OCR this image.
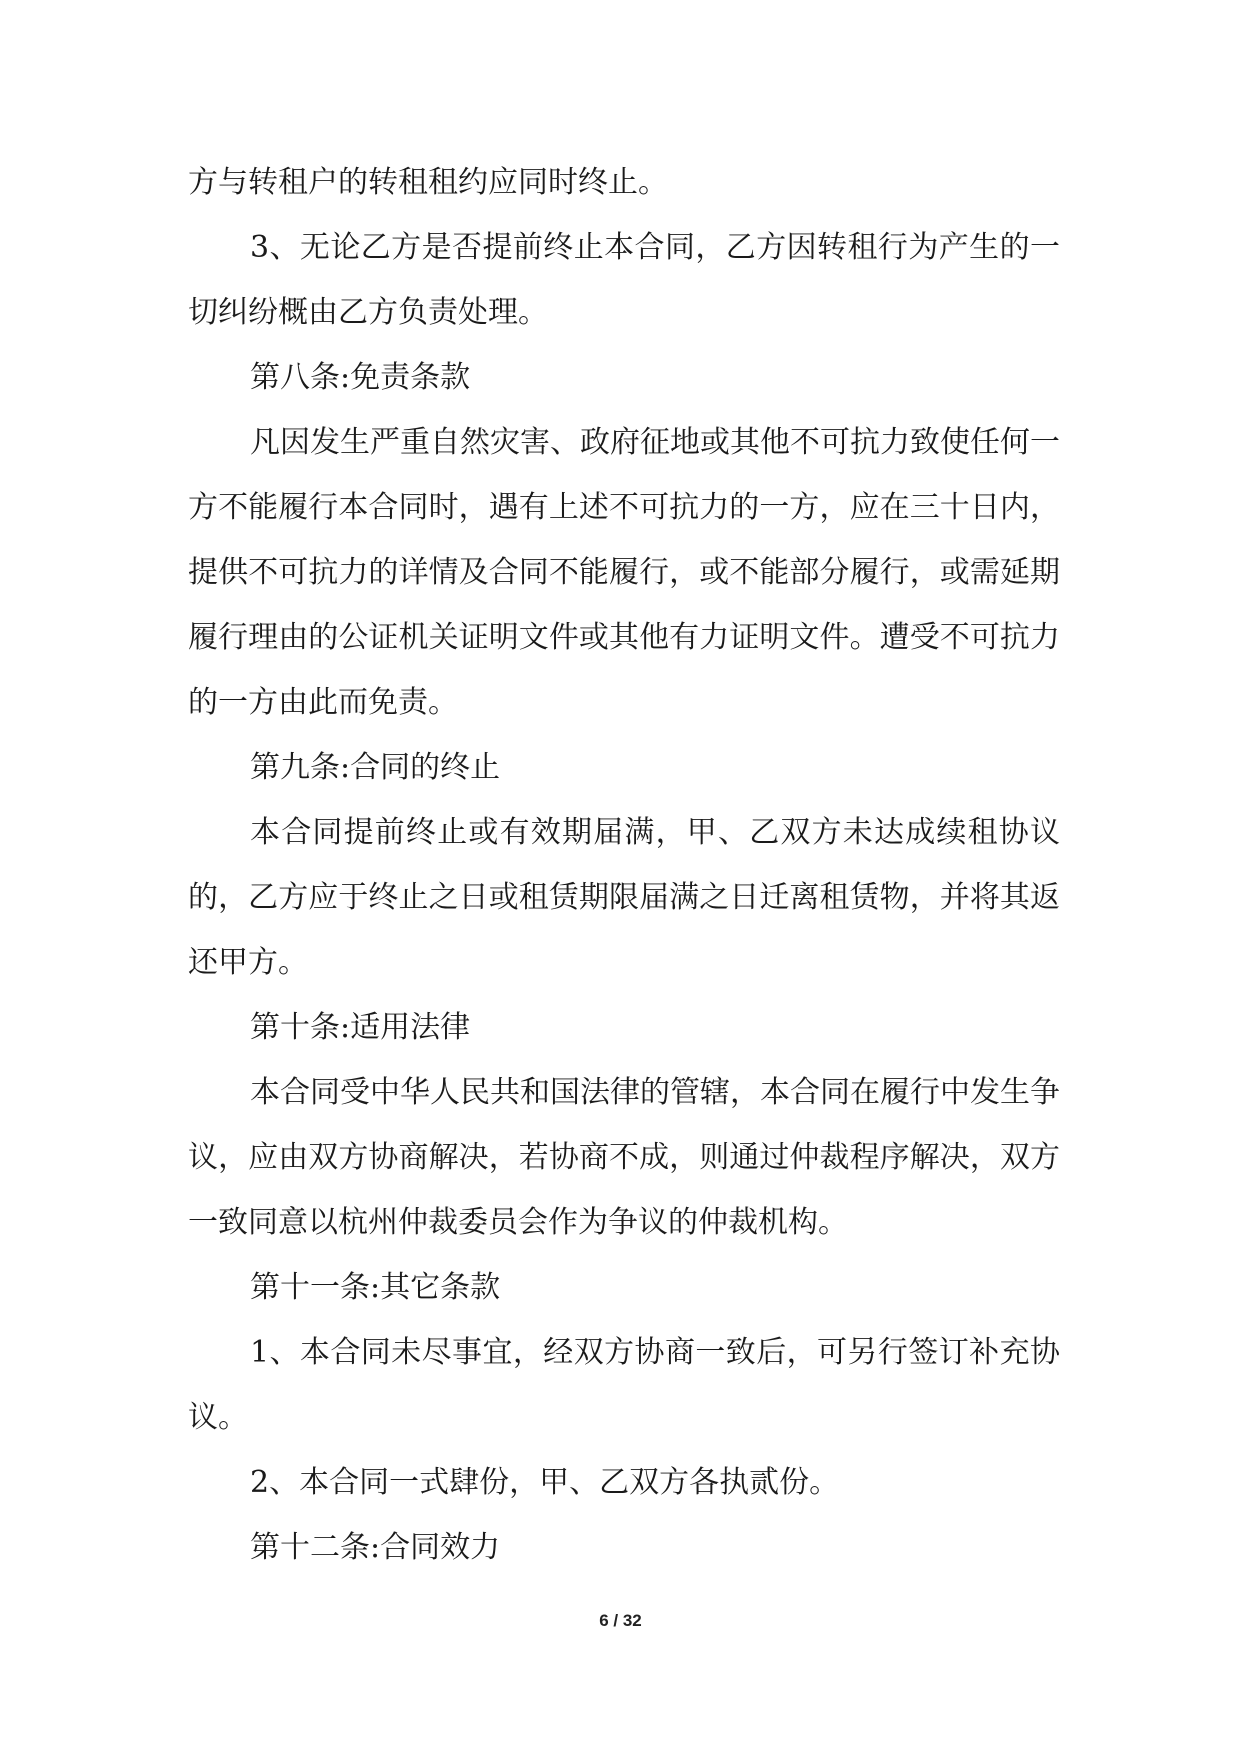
方与转租户的转租租约应同时终止。

3、无论乙方是否提前终止本合同，乙方因转租行为产生的一切纠纷概由乙方负责处理。

第八条:免责条款

凡因发生严重自然灾害、政府征地或其他不可抗力致使任何一方不能履行本合同时，遇有上述不可抗力的一方，应在三十日内，提供不可抗力的详情及合同不能履行，或不能部分履行，或需延期履行理由的公证机关证明文件或其他有力证明文件。遭受不可抗力的一方由此而免责。

第九条:合同的终止

本合同提前终止或有效期届满，甲、乙双方未达成续租协议的，乙方应于终止之日或租赁期限届满之日迁离租赁物，并将其返还甲方。

第十条:适用法律

本合同受中华人民共和国法律的管辖，本合同在履行中发生争议，应由双方协商解决，若协商不成，则通过仲裁程序解决，双方一致同意以杭州仲裁委员会作为争议的仲裁机构。

第十一条:其它条款

1、本合同未尽事宜，经双方协商一致后，可另行签订补充协议。

2、本合同一式肆份，甲、乙双方各执贰份。

第十二条:合同效力

6 / 32
